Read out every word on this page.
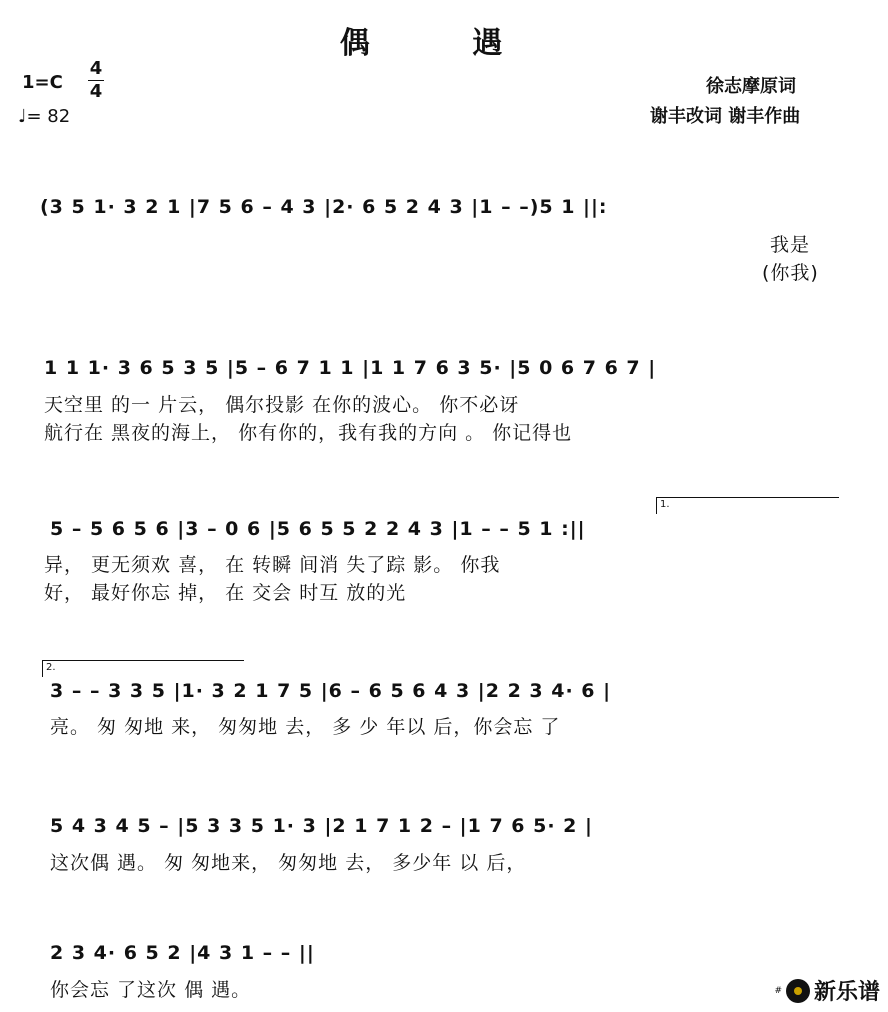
偶 遇
1=C
4
4
♩= 82
徐志摩原词
谢丰改词 谢丰作曲
(3 5 1· 3 2 1 |7 5 6 – 4 3 |2· 6 5 2 4 3 |1 – –)5 1 ||:
我是
(你我)
1 1 1· 3 6 5 3 5 |5 – 6 7 1 1 |1 1 7 6 3 5· |5 0 6 7 6 7 |
天空里 的一 片云， 偶尔投影 在你的波心。 你不必讶
航行在 黑夜的海上， 你有你的，我有我的方向 。 你记得也
1.
5 – 5 6 5 6 |3 – 0 6 |5 6 5 5 2 2 4 3 |1 – – 5 1 :||
异， 更无须欢 喜， 在 转瞬 间消 失了踪 影。 你我
好， 最好你忘 掉， 在 交会 时互 放的光
2.
3 – – 3 3 5 |1· 3 2 1 7 5 |6 – 6 5 6 4 3 |2 2 3 4· 6 |
亮。 匆 匆地 来， 匆匆地 去， 多 少 年以 后，你会忘 了
5 4 3 4 5 – |5 3 3 5 1· 3 |2 1 7 1 2 – |1 7 6 5· 2 |
这次偶 遇。 匆 匆地来， 匆匆地 去， 多少年 以 后，
2 3 4· 6 5 2 |4 3 1 – – ||
你会忘 了这次 偶 遇。	# 新乐谱
